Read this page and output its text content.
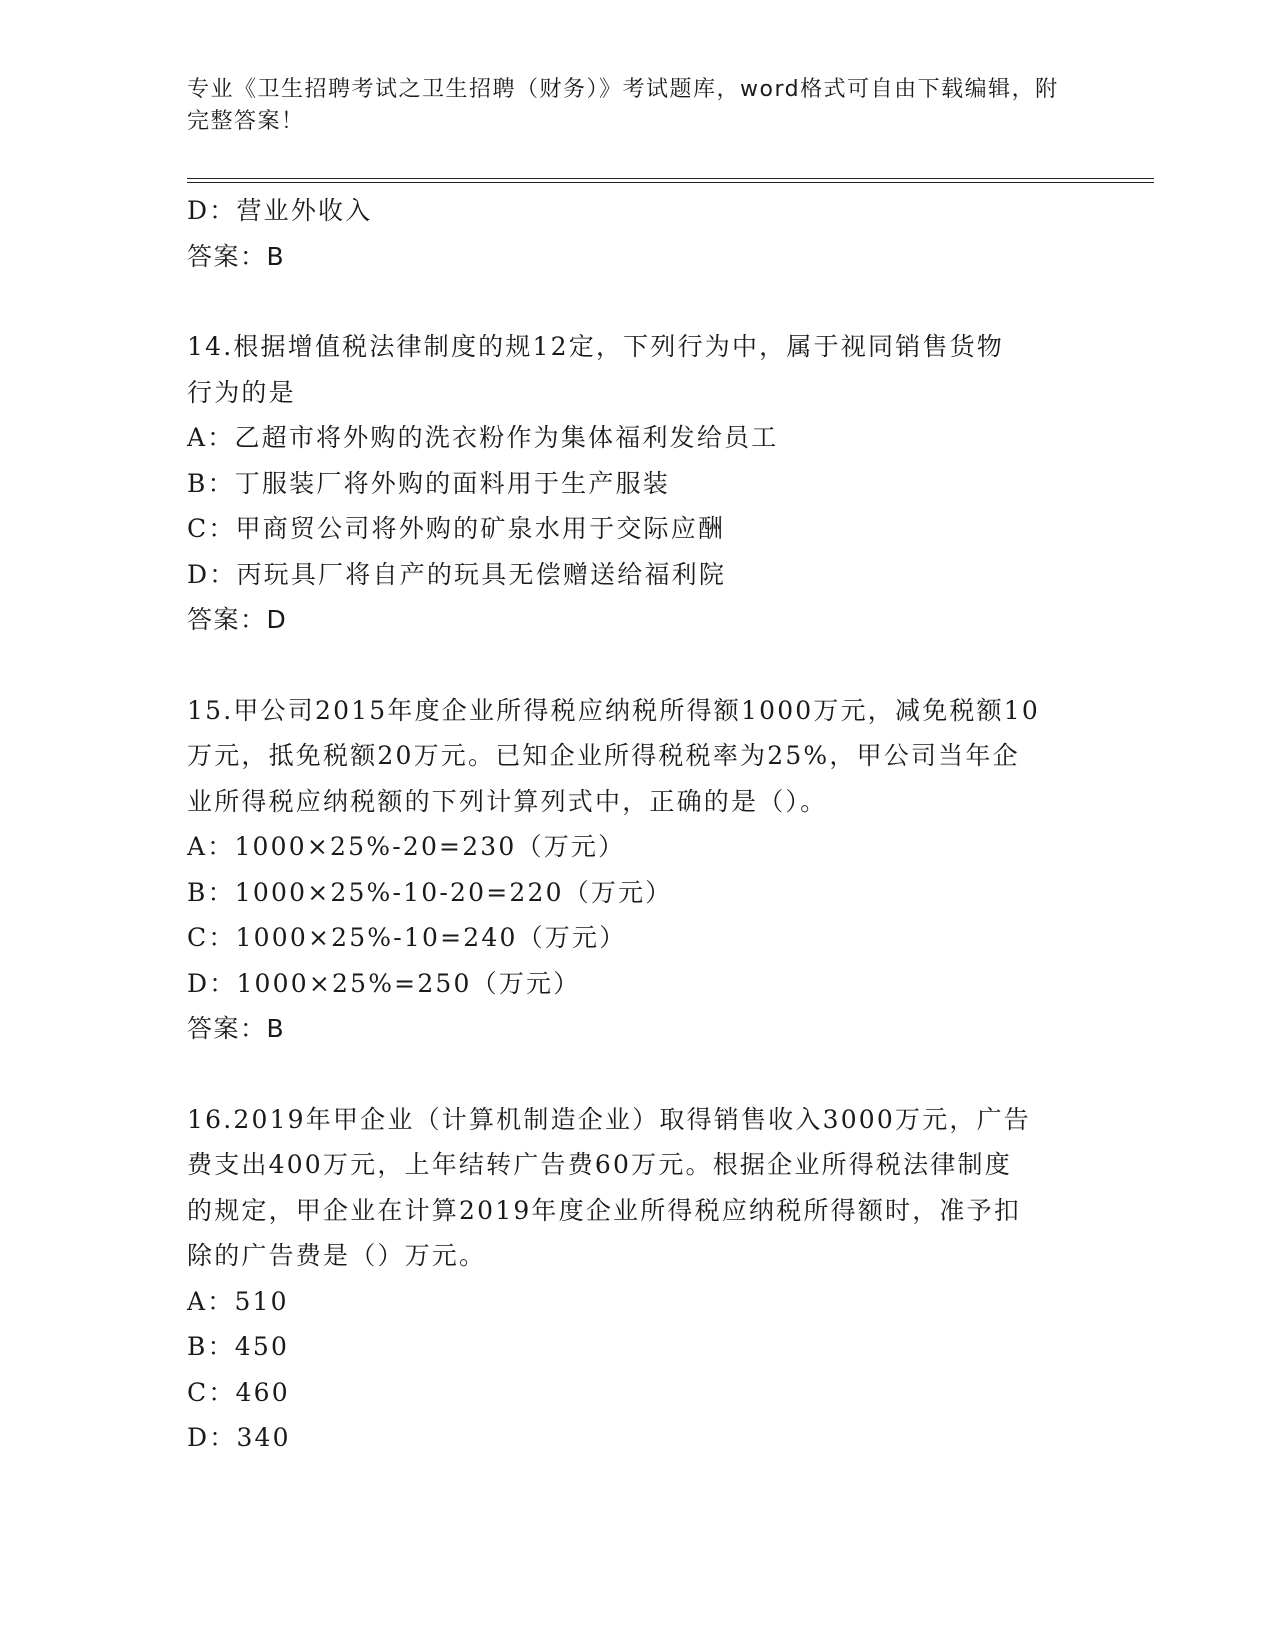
专业《卫生招聘考试之卫生招聘（财务）》考试题库，word格式可自由下载编辑，附完整答案！
D：营业外收入
答案：B
14.根据增值税法律制度的规12定，下列行为中，属于视同销售货物
行为的是
A：乙超市将外购的洗衣粉作为集体福利发给员工
B：丁服装厂将外购的面料用于生产服装
C：甲商贸公司将外购的矿泉水用于交际应酬
D：丙玩具厂将自产的玩具无偿赠送给福利院
答案：D
15.甲公司2015年度企业所得税应纳税所得额1000万元，减免税额10
万元，抵免税额20万元。已知企业所得税税率为25%，甲公司当年企
业所得税应纳税额的下列计算列式中，正确的是（）。
A：1000×25%-20=230（万元）
B：1000×25%-10-20=220（万元）
C：1000×25%-10=240（万元）
D：1000×25%=250（万元）
答案：B
16.2019年甲企业（计算机制造企业）取得销售收入3000万元，广告
费支出400万元，上年结转广告费60万元。根据企业所得税法律制度
的规定，甲企业在计算2019年度企业所得税应纳税所得额时，准予扣
除的广告费是（）万元。
A：510
B：450
C：460
D：340
